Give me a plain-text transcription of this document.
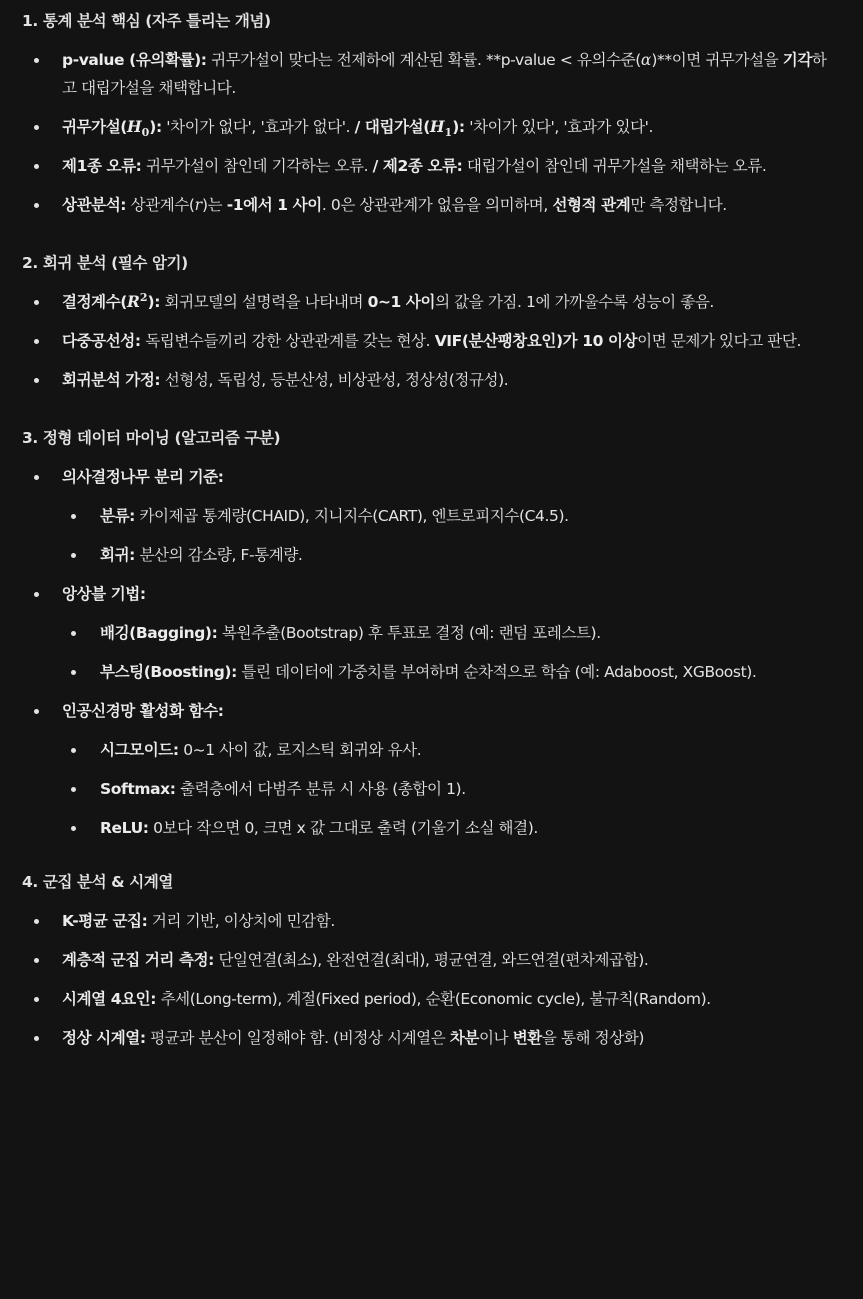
1. 통계 분석 핵심 (자주 틀리는 개념)
p-value (유의확률): 귀무가설이 맞다는 전제하에 계산된 확률. **p-value < 유의수준(α)**이면 귀무가설을 기각하고 대립가설을 채택합니다.
귀무가설$(H_0)$: '차이가 없다', '효과가 없다'. / 대립가설$(H_1)$: '차이가 있다', '효과가 있다'.
제1종 오류: 귀무가설이 참인데 기각하는 오류. / 제2종 오류: 대립가설이 참인데 귀무가설을 채택하는 오류.
상관분석: 상관계수(r)는 -1에서 1 사이. 0은 상관관계가 없음을 의미하며, 선형적 관계만 측정합니다.
2. 회귀 분석 (필수 암기)
결정계수$(R^2)$: 회귀모델의 설명력을 나타내며 0~1 사이의 값을 가짐. 1에 가까울수록 성능이 좋음.
다중공선성: 독립변수들끼리 강한 상관관계를 갖는 현상. VIF(분산팽창요인)가 10 이상이면 문제가 있다고 판단.
회귀분석 가정: 선형성, 독립성, 등분산성, 비상관성, 정상성(정규성).
3. 정형 데이터 마이닝 (알고리즘 구분)
의사결정나무 분리 기준:
분류: 카이제곱 통계량(CHAID), 지니지수(CART), 엔트로피지수(C4.5).
회귀: 분산의 감소량, F-통계량.
앙상블 기법:
배깅(Bagging): 복원추출(Bootstrap) 후 투표로 결정 (예: 랜덤 포레스트).
부스팅(Boosting): 틀린 데이터에 가중치를 부여하며 순차적으로 학습 (예: Adaboost, XGBoost).
인공신경망 활성화 함수:
시그모이드: 0~1 사이 값, 로지스틱 회귀와 유사.
Softmax: 출력층에서 다범주 분류 시 사용 (총합이 1).
ReLU: 0보다 작으면 0, 크면 x 값 그대로 출력 (기울기 소실 해결).
4. 군집 분석 & 시계열
K-평균 군집: 거리 기반, 이상치에 민감함.
계층적 군집 거리 측정: 단일연결(최소), 완전연결(최대), 평균연결, 와드연결(편차제곱합).
시계열 4요인: 추세(Long-term), 계절(Fixed period), 순환(Economic cycle), 불규칙(Random).
정상 시계열: 평균과 분산이 일정해야 함. (비정상 시계열은 차분이나 변환을 통해 정상화)
